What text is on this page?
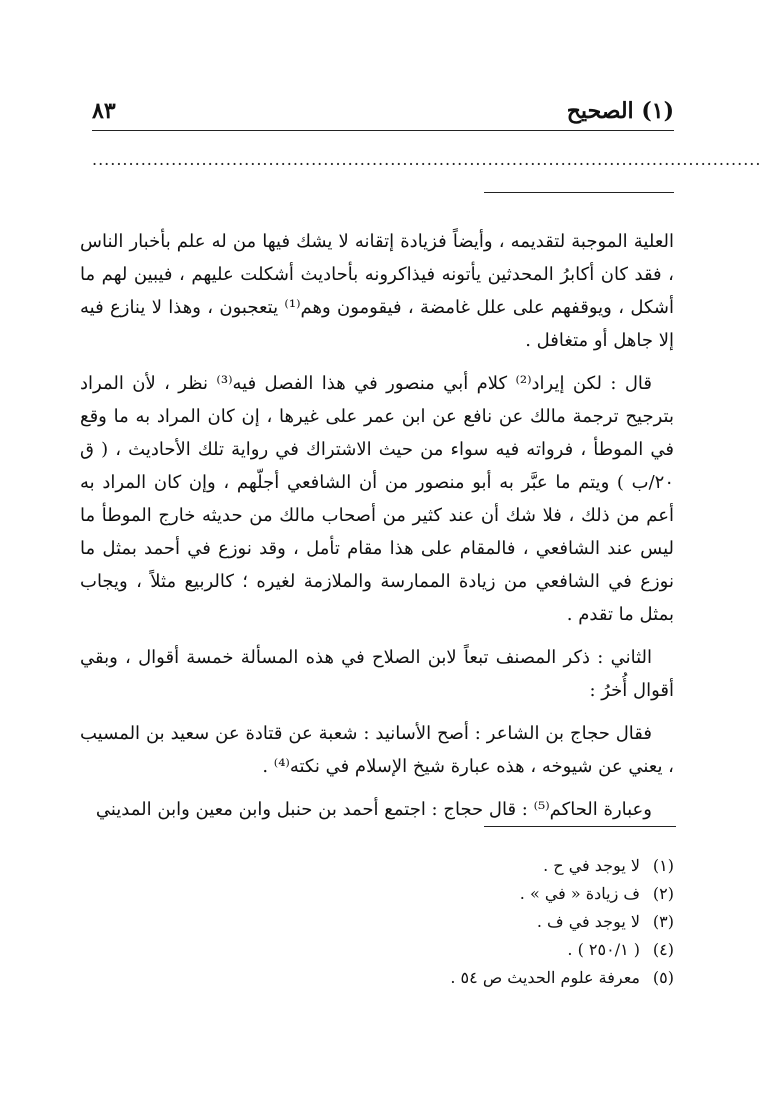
(١) الصحيح
٨٣
..............................................................................................................

العلية الموجبة لتقديمه ، وأيضاً فزيادة إتقانه لا يشك فيها من له علم بأخبار الناس ، فقد كان أكابرُ المحدثين يأتونه فيذاكرونه بأحاديث أشكلت عليهم ، فيبين لهم ما أشكل ، ويوقفهم على علل غامضة ، فيقومون وهم⁽¹⁾ يتعجبون ، وهذا لا ينازع فيه إلا جاهل أو متغافل .

قال : لكن إيراد⁽²⁾ كلام أبي منصور في هذا الفصل فيه⁽³⁾ نظر ، لأن المراد بترجيح ترجمة مالك عن نافع عن ابن عمر على غيرها ، إن كان المراد به ما وقع في الموطأ ، فرواته فيه سواء من حيث الاشتراك في رواية تلك الأحاديث ، ( ق ٢٠/ب ) ويتم ما عبَّر به أبو منصور من أن الشافعي أجلّهم ، وإن كان المراد به أعم من ذلك ، فلا شك أن عند كثير من أصحاب مالك من حديثه خارج الموطأ ما ليس عند الشافعي ، فالمقام على هذا مقام تأمل ، وقد نوزع في أحمد بمثل ما نوزع في الشافعي من زيادة الممارسة والملازمة لغيره ؛ كالربيع مثلاً ، ويجاب بمثل ما تقدم .

الثاني : ذكر المصنف تبعاً لابن الصلاح في هذه المسألة خمسة أقوال ، وبقي أقوال أُخرُ :

فقال حجاج بن الشاعر : أصح الأسانيد : شعبة عن قتادة عن سعيد بن المسيب ، يعني عن شيوخه ، هذه عبارة شيخ الإسلام في نكته⁽⁴⁾ .

وعبارة الحاكم⁽⁵⁾ : قال حجاج : اجتمع أحمد بن حنبل وابن معين وابن المديني

(١)
لا يوجد في ح .
(٢)
ف زيادة « في » .
(٣)
لا يوجد في ف .
(٤)
( ٢٥٠/١ ) .
(٥)
معرفة علوم الحديث ص ٥٤ .
